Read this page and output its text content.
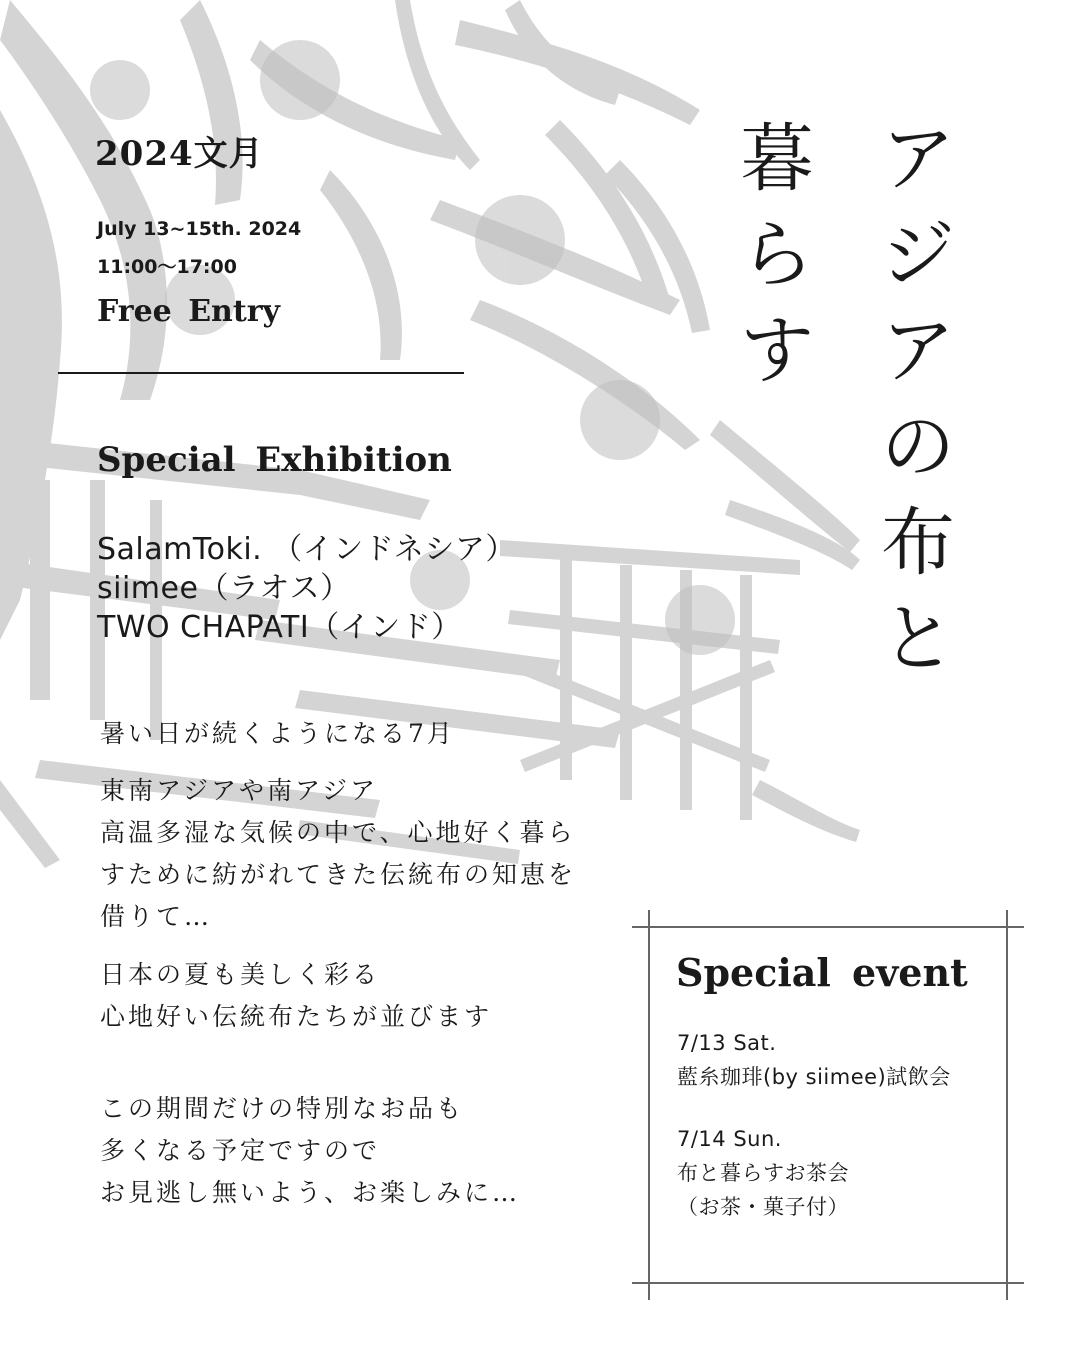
2024文月
July 13~15th. 2024
11:00〜17:00
Free Entry
ア
ジ
ア
の
布
と
暮
ら
す
Special Exhibition
SalamToki. （インドネシア）
siimee（ラオス）
TWO CHAPATI（インド）
暑い日が続くようになる7月
東南アジアや南アジア
高温多湿な気候の中で、心地好く暮ら
すために紡がれてきた伝統布の知恵を
借りて…
日本の夏も美しく彩る
心地好い伝統布たちが並びます
この期間だけの特別なお品も
多くなる予定ですので
お見逃し無いよう、お楽しみに…
Special event
7/13 Sat.
藍糸珈琲(by siimee)試飲会
7/14 Sun.
布と暮らすお茶会
（お茶・菓子付）
